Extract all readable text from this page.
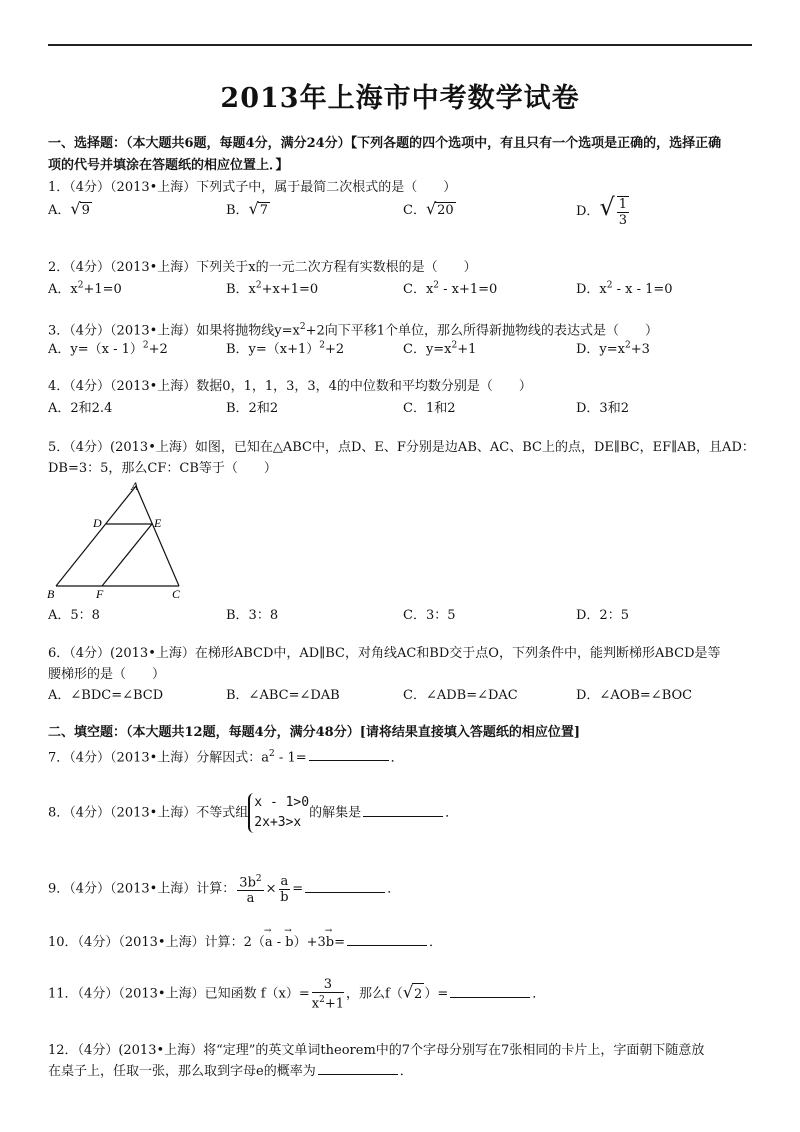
2013年上海市中考数学试卷
一、选择题：（本大题共6题，每题4分，满分24分）【下列各题的四个选项中，有且只有一个选项是正确的，选择正确
项的代号并填涂在答题纸的相应位置上．】
1．（4分）（2013•上海）下列式子中，属于最简二次根式的是（　　）
A．√9	B．√7	C．√20	D．√ $\frac{1}{3}$
2．（4分）（2013•上海）下列关于x的一元二次方程有实数根的是（　　）
A．$x^2+1=0$	B．$x^2+x+1=0$	C．$x^2 - x+1=0$	D．$x^2 - x - 1=0$
3．（4分）（2013•上海）如果将抛物线$y=x^2+2$向下平移1个单位，那么所得新抛物线的表达式是（　　）
A．y=（x - 1）$^2$+2	B．$y=(x+1)^2+2$	C．$y=x^2+1$	D．$y=x^2+3$
4．（4分）（2013•上海）数据0，1，1，3，3，4的中位数和平均数分别是（　　）
A．2和2.4	B．2和2	C．1和2	D．3和2
5．（4分）(2013•上海）如图，已知在△ABC中，点D、E、F分别是边AB、AC、BC上的点，DE∥BC，EF∥AB，且AD：
DB=3：5，那么CF：CB等于（　　）
A
D	E
B	F	C
A．5：8	B．3：8	C．3：5	D．2：5
6．（4分）(2013•上海）在梯形ABCD中，AD∥BC，对角线AC和BD交于点O，下列条件中，能判断梯形ABCD是等
腰梯形的是（　　）
A．∠BDC=∠BCD	B．∠ABC=∠DAB	C．∠ADB=∠DAC	D．∠AOB=∠BOC
二、填空题：（本大题共12题，每题4分，满分48分）[请将结果直接填入答题纸的相应位置]
7．（4分）（2013•上海）分解因式：$a^2 - 1=$	．
8．（4分）（2013•上海）不等式组
x - 1>0
2x+3>x
的解集是	．
9．（4分）（2013•上海）计算： $\frac{3b^2}{a} \times \frac{a}{b}$ =	．
10．（4分）（2013•上海）计算：2（→ a - → b）+3→ b=	．
11．（4分）（2013•上海）已知函数 $f(x)= \frac{3}{x^2+1}$ ，那么f（√2 ）=	．
12．（4分）(2013•上海）将“定理”的英文单词theorem中的7个字母分别写在7张相同的卡片上，字面朝下随意放
在桌子上，任取一张，那么取到字母e的概率为	．
